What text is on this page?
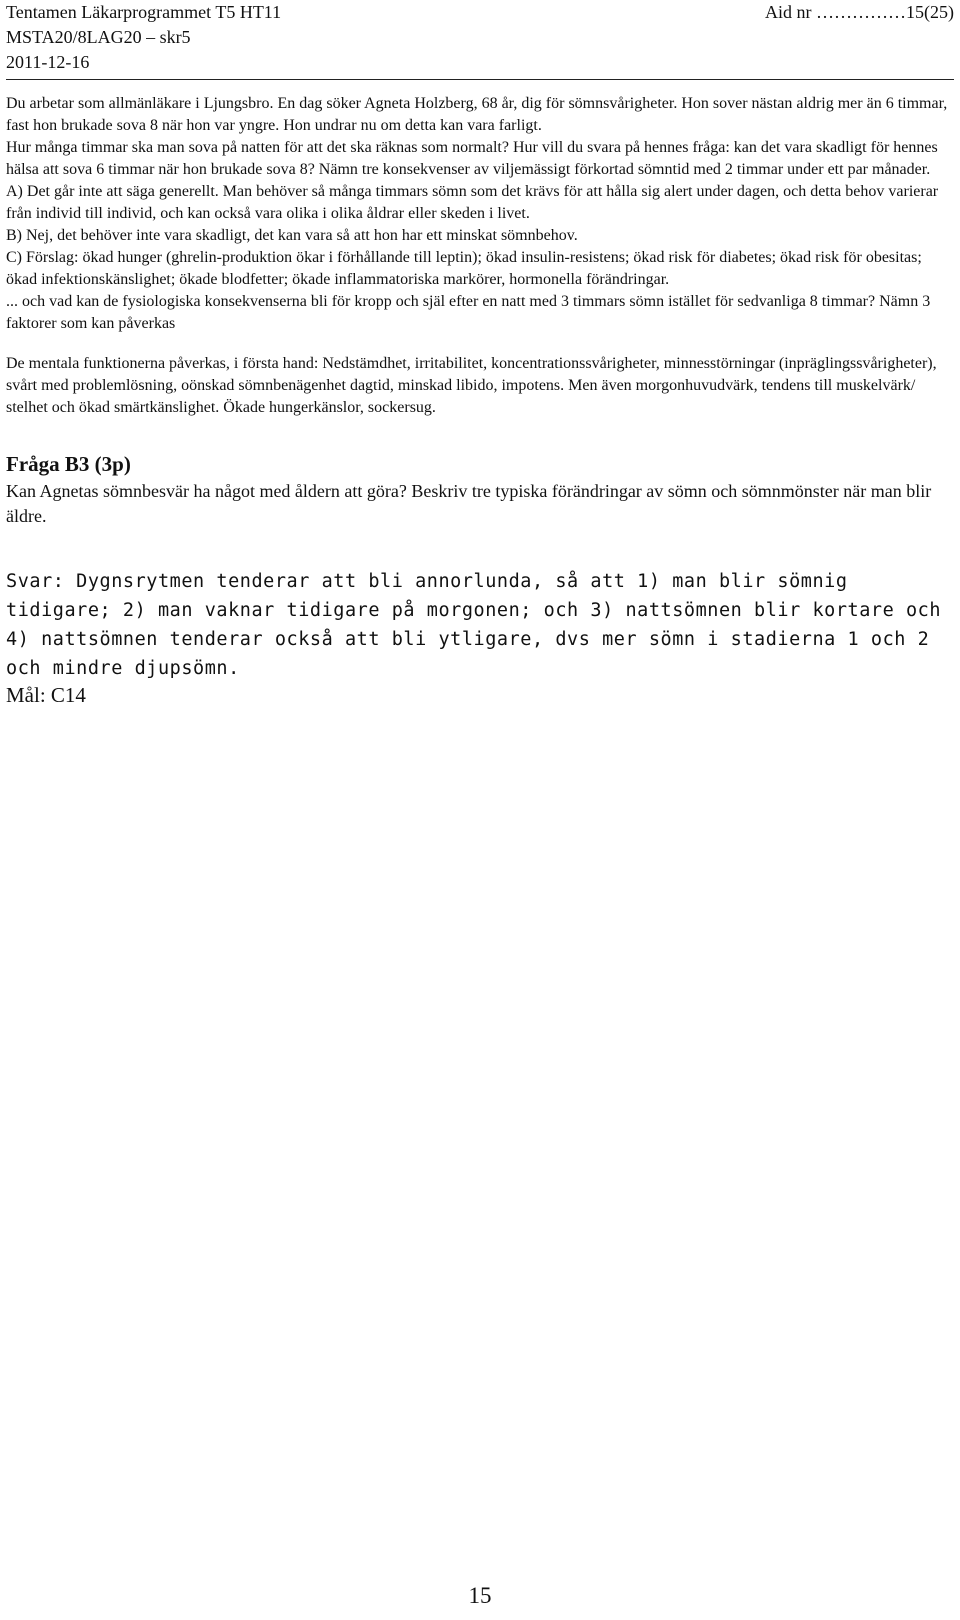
Tentamen Läkarprogrammet T5 HT11	Aid nr ……………15(25)
MSTA20/8LAG20 – skr5
2011-12-16

Du arbetar som allmänläkare i Ljungsbro. En dag söker Agneta Holzberg, 68 år, dig för sömnsvårigheter. Hon sover nästan aldrig mer än 6 timmar, fast hon brukade sova 8 när hon var yngre. Hon undrar nu om detta kan vara farligt.

Hur många timmar ska man sova på natten för att det ska räknas som normalt? Hur vill du svara på hennes fråga: kan det vara skadligt för hennes hälsa att sova 6 timmar när hon brukade sova 8? Nämn tre konsekvenser av viljemässigt förkortad sömntid med 2 timmar under ett par månader.

A) Det går inte att säga generellt. Man behöver så många timmars sömn som det krävs för att hålla sig alert under dagen, och detta behov varierar från individ till individ, och kan också vara olika i olika åldrar eller skeden i livet.

B) Nej, det behöver inte vara skadligt, det kan vara så att hon har ett minskat sömnbehov.

C) Förslag: ökad hunger (ghrelin-produktion ökar i förhållande till leptin); ökad insulin-resistens; ökad risk för diabetes; ökad risk för obesitas; ökad infektionskänslighet; ökade blodfetter; ökade inflammatoriska markörer, hormonella förändringar.

... och vad kan de fysiologiska konsekvenserna bli för kropp och själ efter en natt med 3 timmars sömn istället för sedvanliga 8 timmar? Nämn 3 faktorer som kan påverkas

De mentala funktionerna påverkas, i första hand: Nedstämdhet, irritabilitet, koncentrationssvårigheter, minnesstörningar (inpräglingssvårigheter), svårt med problemlösning, oönskad sömnbenägenhet dagtid, minskad libido, impotens. Men även morgonhuvudvärk, tendens till muskelvärk/ stelhet och ökad smärtkänslighet. Ökade hungerkänslor, sockersug.

Fråga B3 (3p)

Kan Agnetas sömnbesvär ha något med åldern att göra? Beskriv tre typiska förändringar av sömn och sömnmönster när man blir äldre.

Svar: Dygnsrytmen tenderar att bli annorlunda, så att 1) man blir sömnig tidigare; 2) man vaknar tidigare på morgonen; och 3) nattsömnen blir kortare och 4) nattsömnen tenderar också att bli ytligare, dvs mer sömn i stadierna 1 och 2 och mindre djupsömn.

Mål: C14

15
